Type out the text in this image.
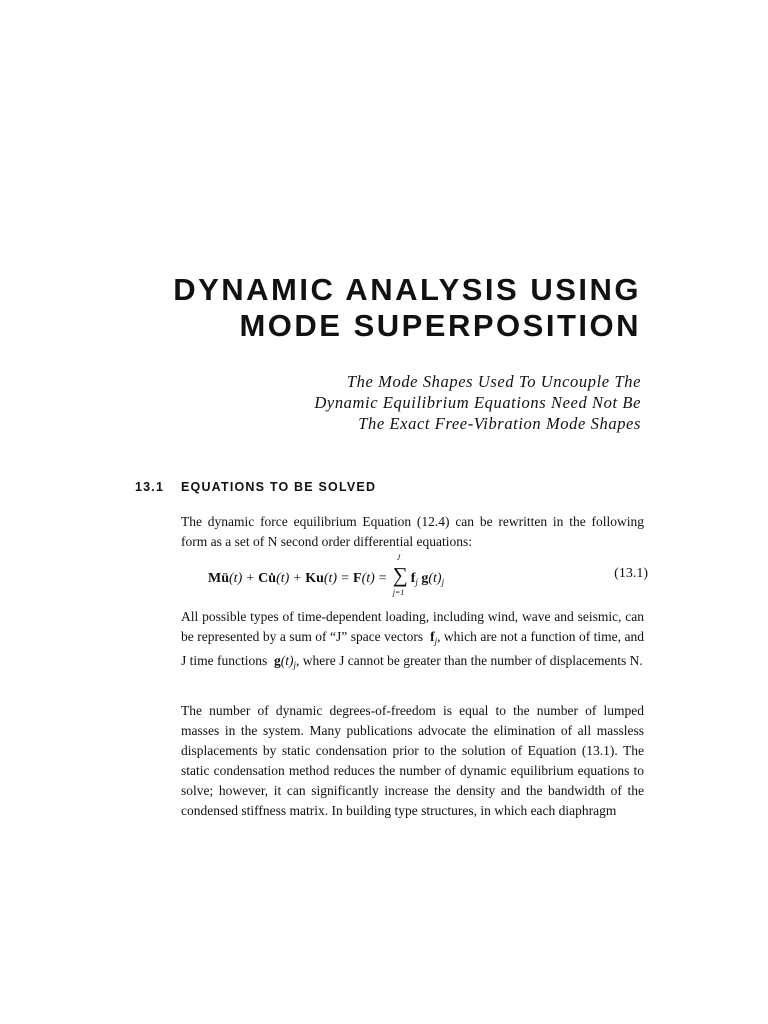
DYNAMIC ANALYSIS USING
MODE SUPERPOSITION
The Mode Shapes Used To Uncouple The
Dynamic Equilibrium Equations Need Not Be
The Exact Free-Vibration Mode Shapes
13.1 EQUATIONS TO BE SOLVED

The dynamic force equilibrium Equation (12.4) can be rewritten in the following form as a set of N second order differential equations:

Mü(t) + Cu̇(t) + Ku(t) = F(t) =
J
∑
j=1
$f_j$ $g(t)_j$
(13.1)

All possible types of time-dependent loading, including wind, wave and seismic, can be represented by a sum of “J” space vectors $f_j$, which are not a function of time, and J time functions $g(t)_j$, where J cannot be greater than the number of displacements N.

The number of dynamic degrees-of-freedom is equal to the number of lumped masses in the system. Many publications advocate the elimination of all massless displacements by static condensation prior to the solution of Equation (13.1). The static condensation method reduces the number of dynamic equilibrium equations to solve; however, it can significantly increase the density and the bandwidth of the condensed stiffness matrix. In building type structures, in which each diaphragm
